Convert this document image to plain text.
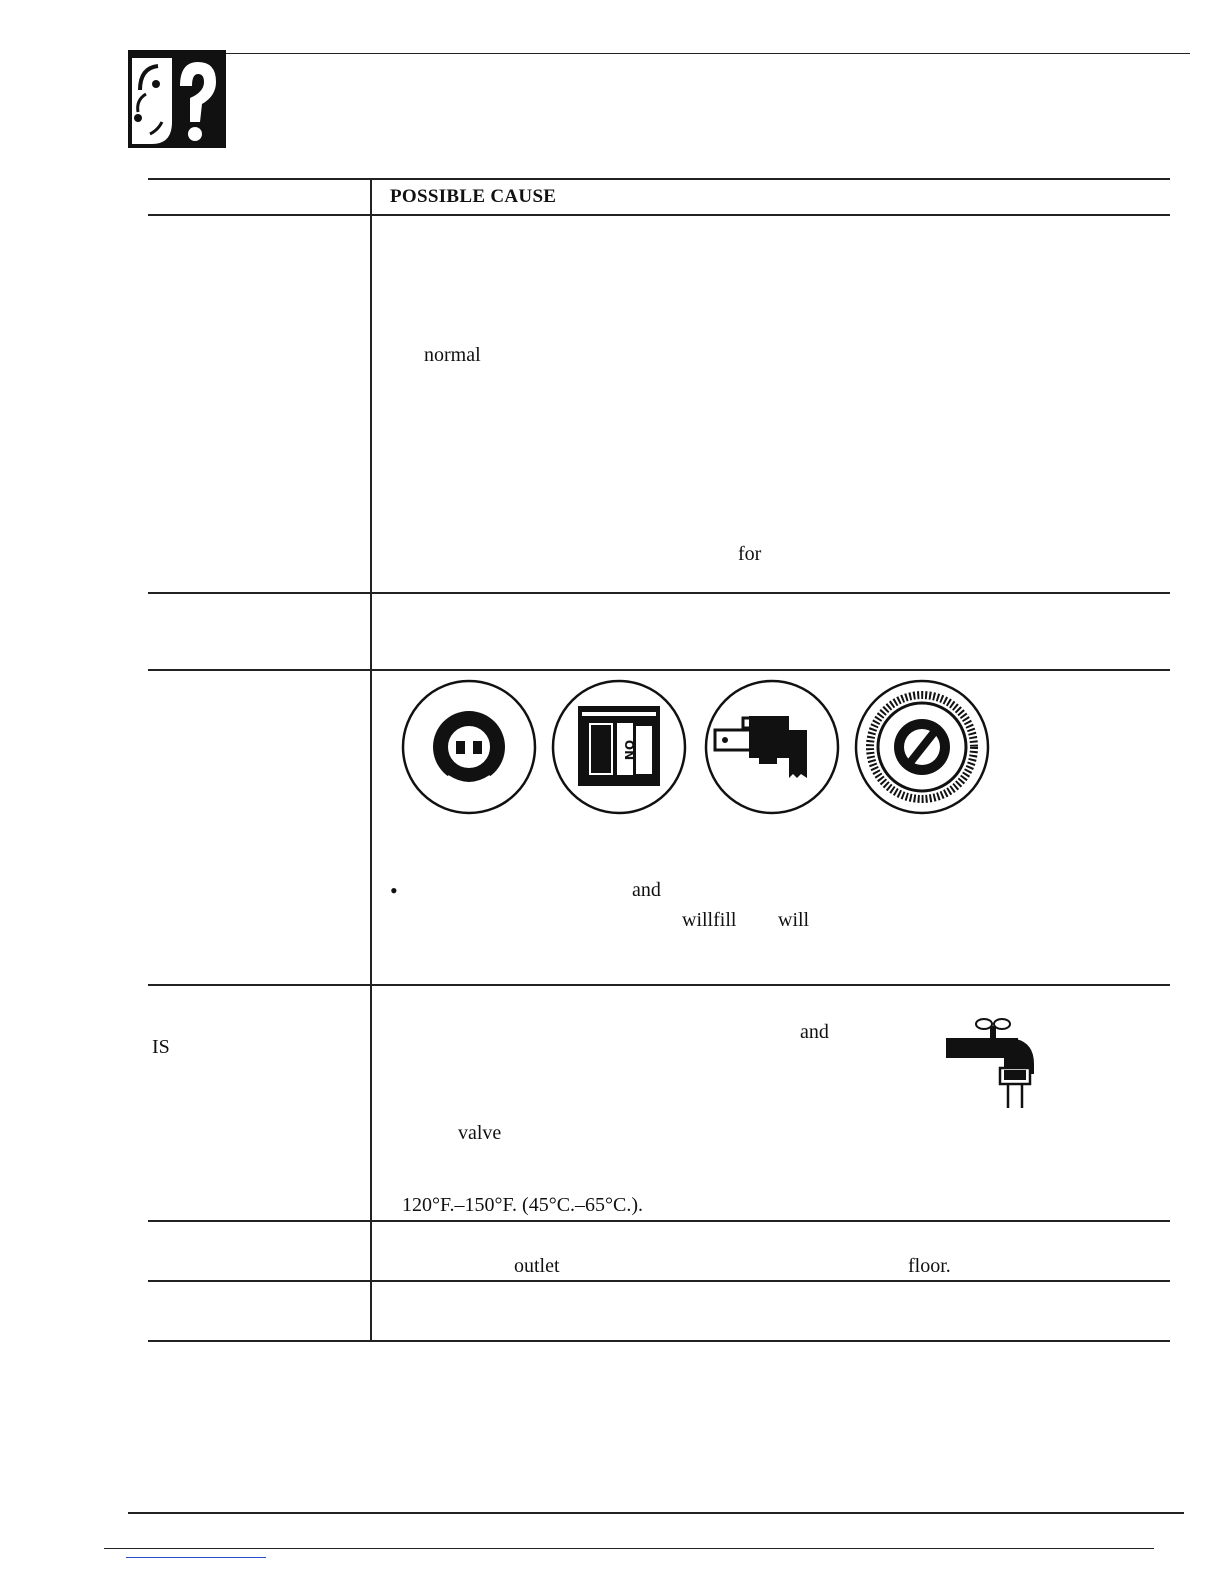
POSSIBLE CAUSE
normal
for
ON
•	and
willfill will
IS
and
valve
120°F.–150°F. (45°C.–65°C.).
outlet	floor.
